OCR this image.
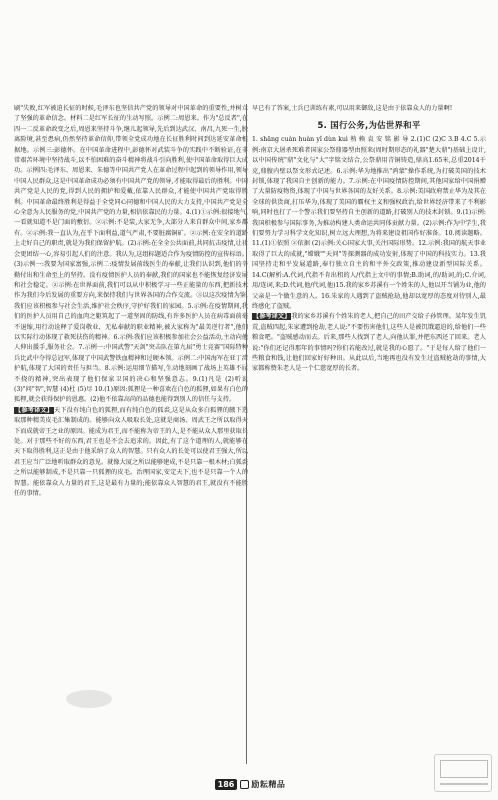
刷"失败,红军被迫长征的时候,毛泽东也坚信共产党的领导对中国革命的重要性,并树立了坚强的革命信念。材料二是红军长征的生动写照。示例二:周恩来。作为"总反者",在四一二反革命政变之后,周恩来坚持斗争,继儿起领导,先后到达武汉、南昌,九死一生,脱离险境,甚至患病,仍然坚持革命信仰,带领全党成功地在长征胜利时间到达延安革命根据地。示例三:彭德怀。在中国革命进程中,彭德怀对武装斗争的实践中不断验证,在非常艰苦环境中坚持战斗,以不怕困难的奋斗精神将战斗引向胜利,使中国革命取得巨大成功。示例四:毛泽东、周恩来、朱德等中国共产党人在革命过程中起到的领导作用,领导中国人民群众,这是中国革命成功必须有中国共产党的领导,才能取得最后的胜利。中国共产党是人民的党,得到人民的拥护和爱戴,依靠人民群众,才能使中国共产党取得胜利。中国革命最终胜利是得益于全党同心同德和中国人民的大力支持,中国共产党是全心全意为人民服务的党,中国共产党的力量,相信依靠民的力量。4.(1)①示例:很接地气,一看就知道不是门面的敷衍。②示例:不是装,大家无争,大部分人来自群众中间,家乡都有。②示例:我一直认为,在乎下面利益,道气严肃,不要脏腐铜矿。②示例:在安全的道路上走好自己的职责,就是为我们保留护航。(2)示例:在全全公共面前,共同抗击疫情,让社会更团结一心,容易引起人们的注意。我认为,这组标题适合作为疫情防控的宣传标语。(3)示例一:我要为国家富强,示例二:疫情发展前线医生的奉献,让我们认识到,他们的辛勤付出和生命至上的坚持。没有疫情医护人员的奉献,我们的国家也不能恢复经济发展和社会稳定。②示例:在世界面前,我们可以从中积极学习一些正能量的东西,把新技术作为我们今后发展的重要方向,来保持我们与世界各国的合作交流。③以这次疫情为鉴,我们应该积极参与社会生活,维护社会秩序,守护好我们的家园。5.示例:在疫情期间,我们的医护人员用自己的血肉之躯筑起了一道坚固的防线,有许多医护人员在病毒面前毫不退缩,用行动诠释了爱岗敬业、无私奉献的职业精神,被大家称为"最美逆行者",他们以实际行动体现了救死扶伤的精神。6.示例:我们应该积极参加社会公益活动,主动向他人伸出援手,服务社会。7.示例一:中国武警"天剑"突击队在第九届"勇士竞赛"国际特种兵比武中夺得总冠军,体现了中国武警铁血精神和过硬本领。示例二:中国海军在亚丁湾护航,体现了大国的责任与担当。8.示例:运用细节描写,生动地刻画了战场上英雄不屈不挠的精神,突出表现了他们保家卫国的决心和坚强意志。9.(1)凡是 (2)听说 (3)"问"智",智慧 (4)杜 (5)尽 10.(1)原因:狐狸是一种喜欢在白色的狐狸,如果有白色的狐狸,就会获得保护的恩惠。(2)他不依靠高尚的品德也能得到别人的信任与支持。

【参考译文】天下没有纯白色的狐狸,而有纯白色的狐裘,这是从众多白狐狸的腋下选取那种精美皮毛汇集制成的。能够向众人吸取长处,这就是商汤、周武王之所以取得天下而成就帝王之业的原因。能成为君王,而不能称为帝王的人,是不能从众人那里获取长处。对于那些不好的东西,君王也是不会去追求的。因此,有了这个道理的人,就能够在天下取得胜利,这正是由于他采纳了众人的智慧。只有众人的长处可以使君王强大,所以君王应当广泛地听取群众的意见。就像大厦之所以能够建成,不是只靠一根木材;白狐裘之所以能够制成,不是只靠一只狐狸的皮毛。治理国家,安定天下,也不是只靠一个人的智慧。能依靠众人力量的君王,这是最有力量的;能依靠众人智慧的君王,就没有不能胜任的事情。

早已有了答案,士兵已训练有素,可以用来御敌,这是由于依靠众人的力量啊!

5. 国行公务,为估世界和平

1. shāng cuàn huàn yǐ dùn kuì 熟 赖 袁 安 铭 影 导 2.(1)C (2)C 3.B 4.C 5.示例:南京大屠杀死难者国家公祭鼎器型由照来(周时期形态的礼器"楚大鼎")基础上设计,以中国传统"鼎"文化与"大"字铭文结合,公祭鼎用青铜铸造,鼎高1.65米,总重2014千克,鼎腹内壁以祭文形式记述。6.示例:华为地推出"鸿蒙"操作系统,为打破美国的技术封锁,体现了我国自主创新的能力。7.示例:在中国疫情防控期间,其他国家给中国捐赠了大量防疫物资,体现了中国与世界各国的友好关系。8.示例:美国政府禁止华为及其在全球的供货商,打压华为,体现了美国的霸权主义和强权政治,给世界经济带来了不利影响,同时也打了一个警示我们要坚持自主创新的道路,打破别人的技术封锁。9.(1)示例:我国积极参与国际事务,为推动构建人类命运共同体贡献力量。(2)示例:作为中学生,我们要努力学习科学文化知识,树立远大理想,为将来建设祖国作好准备。10.阅读题略。11.(1)①依照 ②依据 (2)示例:关心国家大事,关注国际形势。12.示例:我国的航天事业取得了巨大的成就,"嫦娥""天问"等探测器的成功发射,体现了中国的科技实力。13.我国坚持走和平发展道路,奉行独立自主的和平外交政策,推动建设新型国际关系。14.C(解析:A.代词,代指不肯出租的人/代指上文中的事情;B.助词,的/助词,的;C.介词,用/连词,来;D.代词,他/代词,他)15.我的家乡苏溪有一个姓朱的人,他以开当铺为业,他的父亲是一个做生意的人。16.朱家的人遇到了盗贼抢劫,他却以宽厚的态度对待别人,最终感化了盗贼。

【参考译文】我的家乡苏溪有个姓朱的老人,把自己的田产交给子孙管理。某年发生饥荒,盗贼四起,朱家遭到抢劫,老人说:"不要伤害他们,这些人是被饥饿逼迫的,给他们一些粮食吧。"盗贼感动而去。后来,那些人找到了老人,向他认罪,并把东西还了回来。老人说:"你们还记得那年的事情吗?你们若能改过,就是我的心愿了。"于是每人给了他们一些粮食和钱,让他们回家好好种田。从此以后,当地再也没有发生过盗贼抢劫的事情,大家都称赞朱老人是一个仁慈宽厚的长者。

186	励耘精品
